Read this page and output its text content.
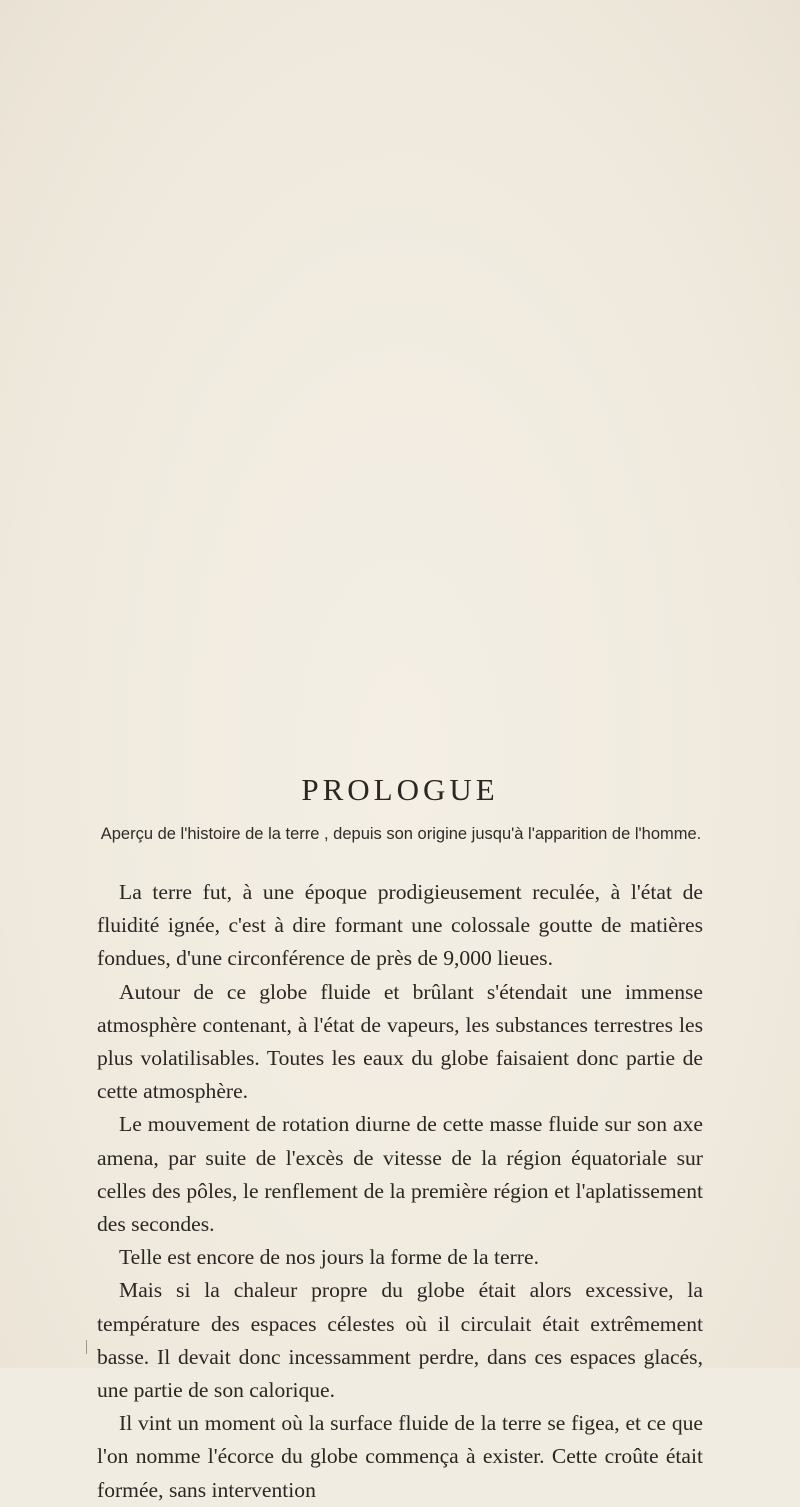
PROLOGUE
Aperçu de l'histoire de la terre , depuis son origine jusqu'à l'apparition de l'homme.

La terre fut, à une époque prodigieusement reculée, à l'état de fluidité ignée, c'est à dire formant une colossale goutte de matières fondues, d'une circonférence de près de 9,000 lieues.

Autour de ce globe fluide et brûlant s'étendait une immense atmosphère contenant, à l'état de vapeurs, les substances terrestres les plus volatilisables. Toutes les eaux du globe faisaient donc partie de cette atmosphère.

Le mouvement de rotation diurne de cette masse fluide sur son axe amena, par suite de l'excès de vitesse de la région équatoriale sur celles des pôles, le renflement de la première région et l'aplatissement des secondes.

Telle est encore de nos jours la forme de la terre.

Mais si la chaleur propre du globe était alors excessive, la température des espaces célestes où il circulait était extrêmement basse. Il devait donc incessamment perdre, dans ces espaces glacés, une partie de son calorique.

Il vint un moment où la surface fluide de la terre se figea, et ce que l'on nomme l'écorce du globe commença à exister. Cette croûte était formée, sans intervention
